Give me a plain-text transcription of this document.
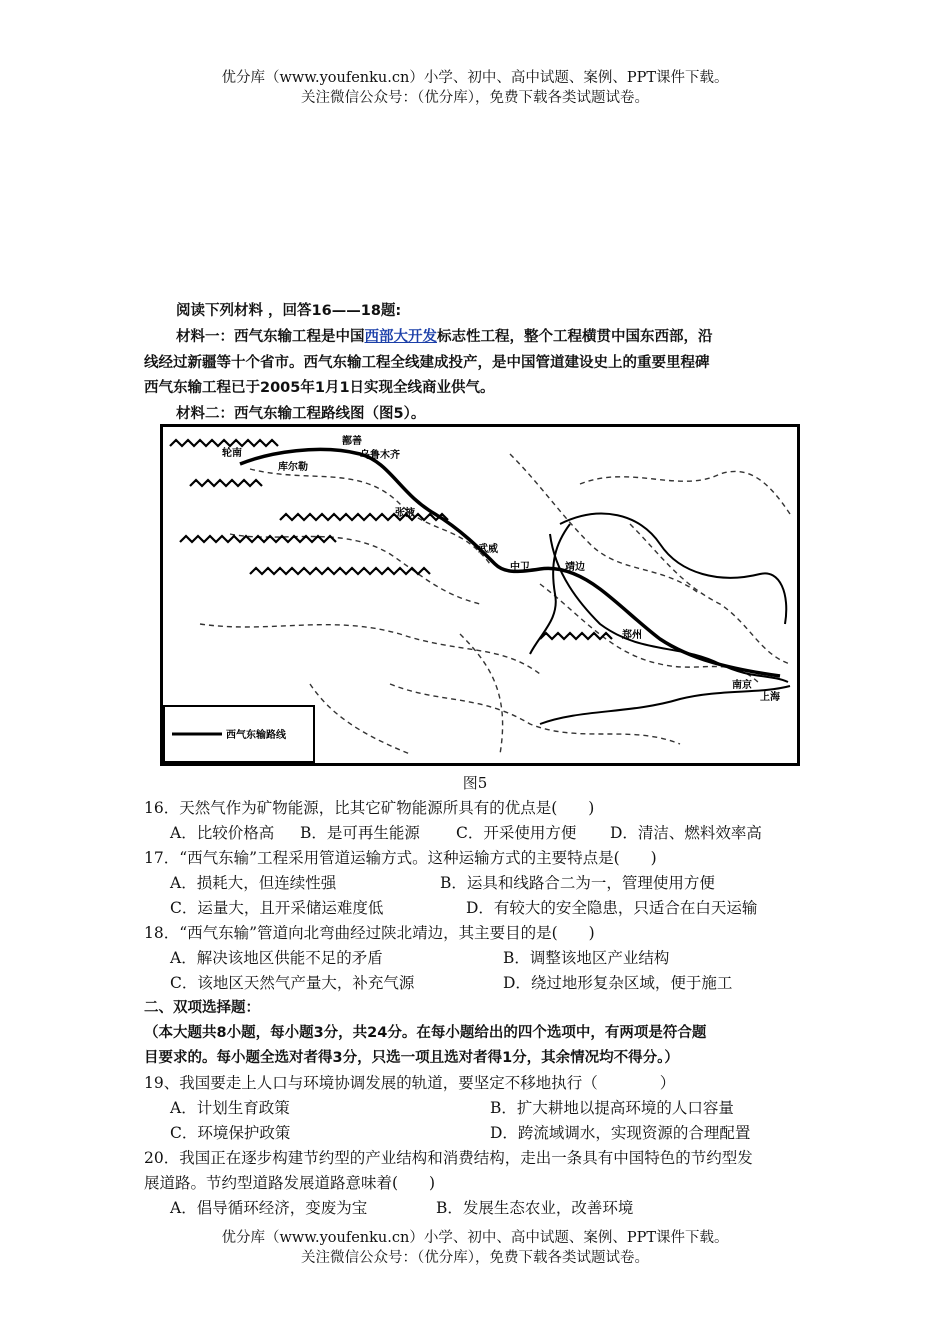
优分库（www.youfenku.cn）小学、初中、高中试题、案例、PPT课件下载。
关注微信公众号：（优分库），免费下载各类试题试卷。
阅读下列材料 ，回答16——18题:
材料一：西气东输工程是中国西部大开发标志性工程，整个工程横贯中国东西部，沿
线经过新疆等十个省市。西气东输工程全线建成投产，是中国管道建设史上的重要里程碑
西气东输工程已于2005年1月1日实现全线商业供气。
材料二：西气东输工程路线图（图5）。
轮南
鄯善
库尔勒
乌鲁木齐
张掖
武威
中卫	靖边
郑州
南京
上海
西气东输路线
图5
16．天然气作为矿物能源，比其它矿物能源所具有的优点是(　　)
A．比较价格高 B．是可再生能源 C．开采使用方便 D．清洁、燃料效率高
17．“西气东输”工程采用管道运输方式。这种运输方式的主要特点是(　　)
A．损耗大，但连续性强	B．运具和线路合二为一，管理使用方便
C．运量大，且开采储运难度低	D．有较大的安全隐患，只适合在白天运输
18．“西气东输”管道向北弯曲经过陕北靖边，其主要目的是(　　)
A．解决该地区供能不足的矛盾	B．调整该地区产业结构
C．该地区天然气产量大，补充气源	D．绕过地形复杂区域，便于施工
二、双项选择题：
（本大题共8小题，每小题3分，共24分。在每小题给出的四个选项中，有两项是符合题
目要求的。每小题全选对者得3分，只选一项且选对者得1分，其余情况均不得分。）
19、我国要走上人口与环境协调发展的轨道，要坚定不移地执行（　　　　）
A．计划生育政策	B．扩大耕地以提高环境的人口容量
C．环境保护政策	D．跨流域调水，实现资源的合理配置
20．我国正在逐步构建节约型的产业结构和消费结构，走出一条具有中国特色的节约型发
展道路。节约型道路发展道路意味着(　　)
A．倡导循环经济，变废为宝	B．发展生态农业，改善环境
优分库（www.youfenku.cn）小学、初中、高中试题、案例、PPT课件下载。
关注微信公众号：（优分库），免费下载各类试题试卷。
